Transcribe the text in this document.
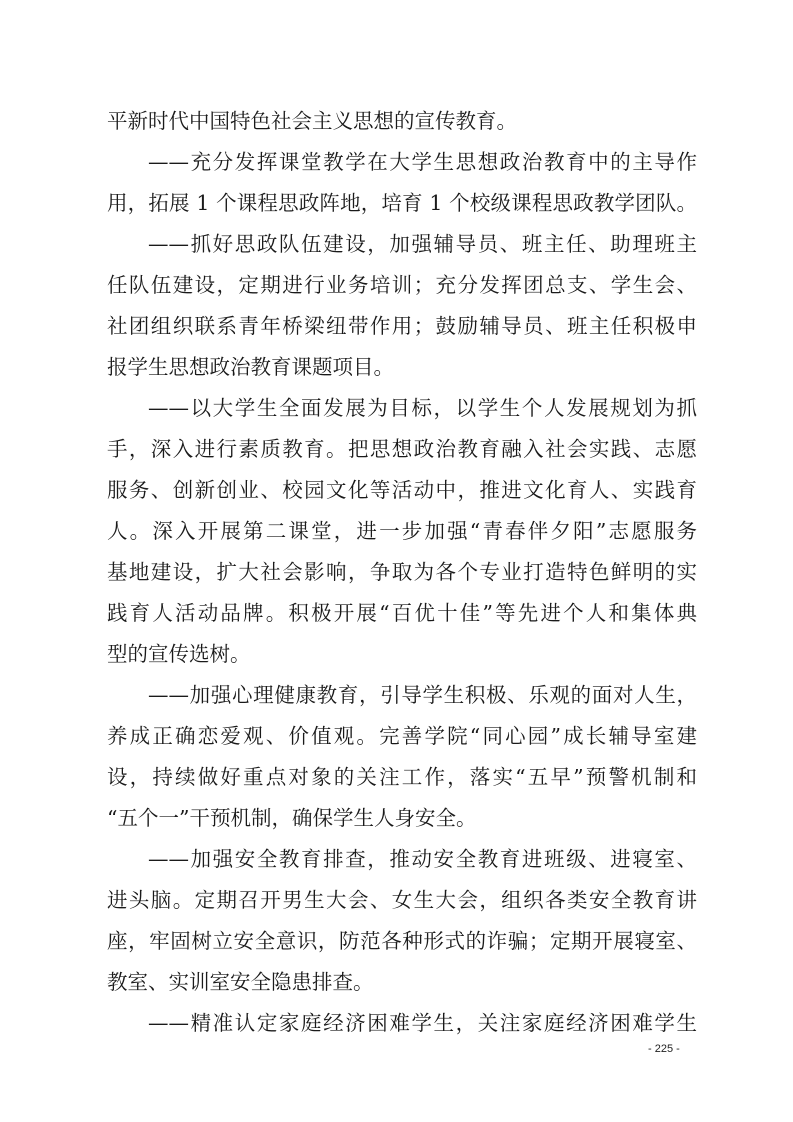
平新时代中国特色社会主义思想的宣传教育。
——充分发挥课堂教学在大学生思想政治教育中的主导作
用，拓展 1 个课程思政阵地，培育 1 个校级课程思政教学团队。
——抓好思政队伍建设，加强辅导员、班主任、助理班主
任队伍建设，定期进行业务培训；充分发挥团总支、学生会、
社团组织联系青年桥梁纽带作用；鼓励辅导员、班主任积极申
报学生思想政治教育课题项目。
——以大学生全面发展为目标，以学生个人发展规划为抓
手，深入进行素质教育。把思想政治教育融入社会实践、志愿
服务、创新创业、校园文化等活动中，推进文化育人、实践育
人。深入开展第二课堂，进一步加强“青春伴夕阳”志愿服务
基地建设，扩大社会影响，争取为各个专业打造特色鲜明的实
践育人活动品牌。积极开展“百优十佳”等先进个人和集体典
型的宣传选树。
——加强心理健康教育，引导学生积极、乐观的面对人生，
养成正确恋爱观、价值观。完善学院“同心园”成长辅导室建
设，持续做好重点对象的关注工作，落实“五早”预警机制和
“五个一”干预机制，确保学生人身安全。
——加强安全教育排查，推动安全教育进班级、进寝室、
进头脑。定期召开男生大会、女生大会，组织各类安全教育讲
座，牢固树立安全意识，防范各种形式的诈骗；定期开展寝室、
教室、实训室安全隐患排查。
——精准认定家庭经济困难学生，关注家庭经济困难学生
- 225 -
